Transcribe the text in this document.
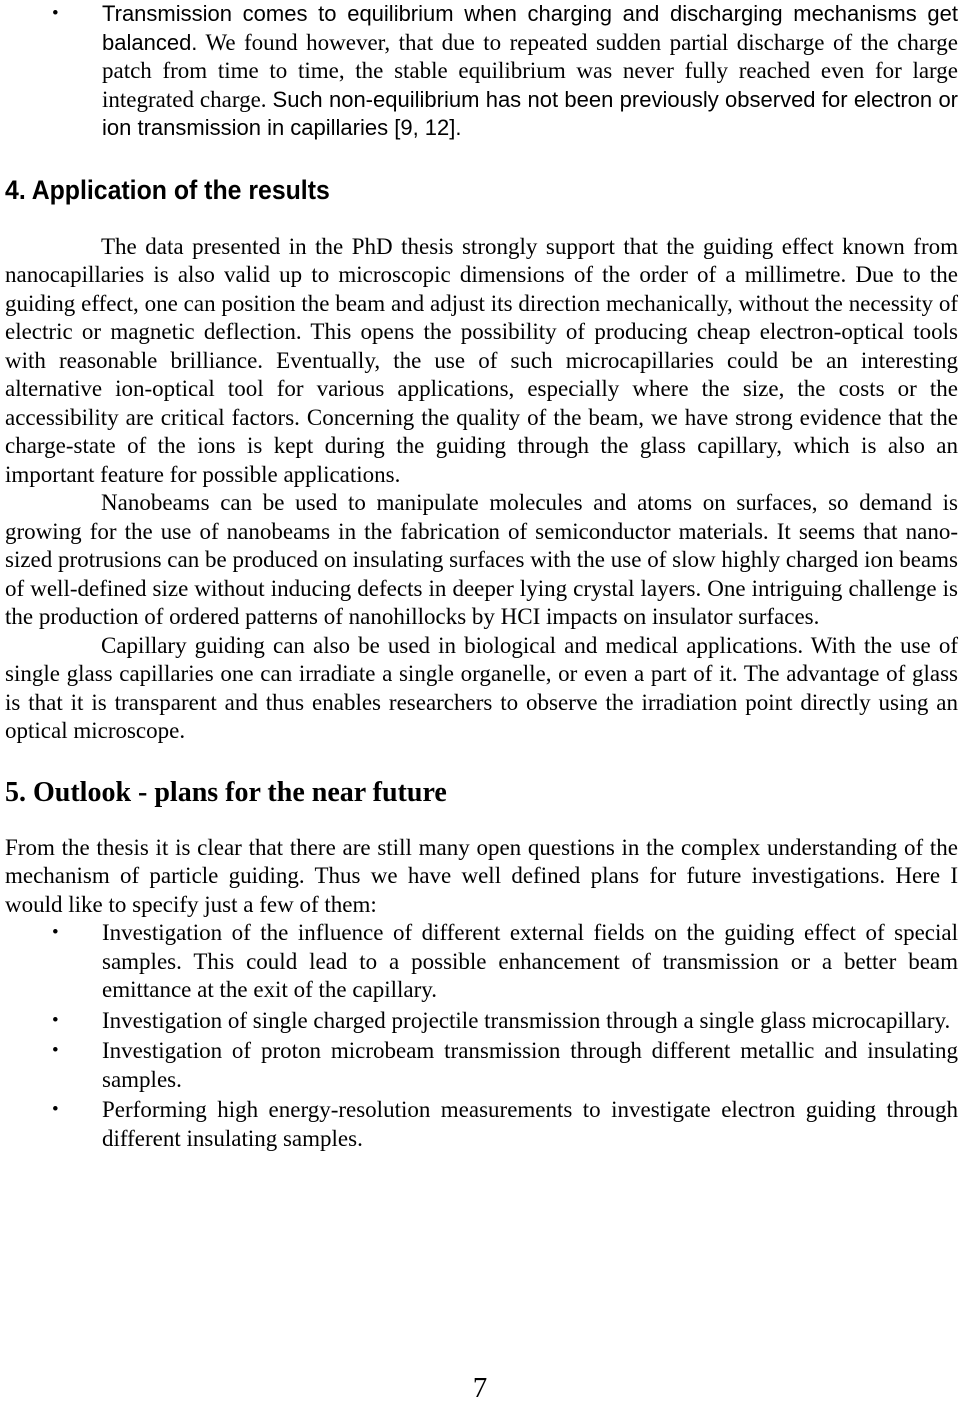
• Transmission comes to equilibrium when charging and discharging mechanisms get balanced. We found however, that due to repeated sudden partial discharge of the charge patch from time to time, the stable equilibrium was never fully reached even for large integrated charge. Such non-equilibrium has not been previously observed for electron or ion transmission in capillaries [9, 12].
4. Application of the results

The data presented in the PhD thesis strongly support that the guiding effect known from nanocapillaries is also valid up to microscopic dimensions of the order of a millimetre. Due to the guiding effect, one can position the beam and adjust its direction mechanically, without the necessity of electric or magnetic deflection. This opens the possibility of producing cheap electron-optical tools with reasonable brilliance. Eventually, the use of such microcapillaries could be an interesting alternative ion-optical tool for various applications, especially where the size, the costs or the accessibility are critical factors. Concerning the quality of the beam, we have strong evidence that the charge-state of the ions is kept during the guiding through the glass capillary, which is also an important feature for possible applications.

Nanobeams can be used to manipulate molecules and atoms on surfaces, so demand is growing for the use of nanobeams in the fabrication of semiconductor materials. It seems that nano-sized protrusions can be produced on insulating surfaces with the use of slow highly charged ion beams of well-defined size without inducing defects in deeper lying crystal layers. One intriguing challenge is the production of ordered patterns of nanohillocks by HCI impacts on insulator surfaces.

Capillary guiding can also be used in biological and medical applications. With the use of single glass capillaries one can irradiate a single organelle, or even a part of it. The advantage of glass is that it is transparent and thus enables researchers to observe the irradiation point directly using an optical microscope.

5. Outlook - plans for the near future

From the thesis it is clear that there are still many open questions in the complex understanding of the mechanism of particle guiding. Thus we have well defined plans for future investigations. Here I would like to specify just a few of them:

• Investigation of the influence of different external fields on the guiding effect of special samples. This could lead to a possible enhancement of transmission or a better beam emittance at the exit of the capillary.
• Investigation of single charged projectile transmission through a single glass microcapillary.
• Investigation of proton microbeam transmission through different metallic and insulating samples.
• Performing high energy-resolution measurements to investigate electron guiding through different insulating samples.
7
